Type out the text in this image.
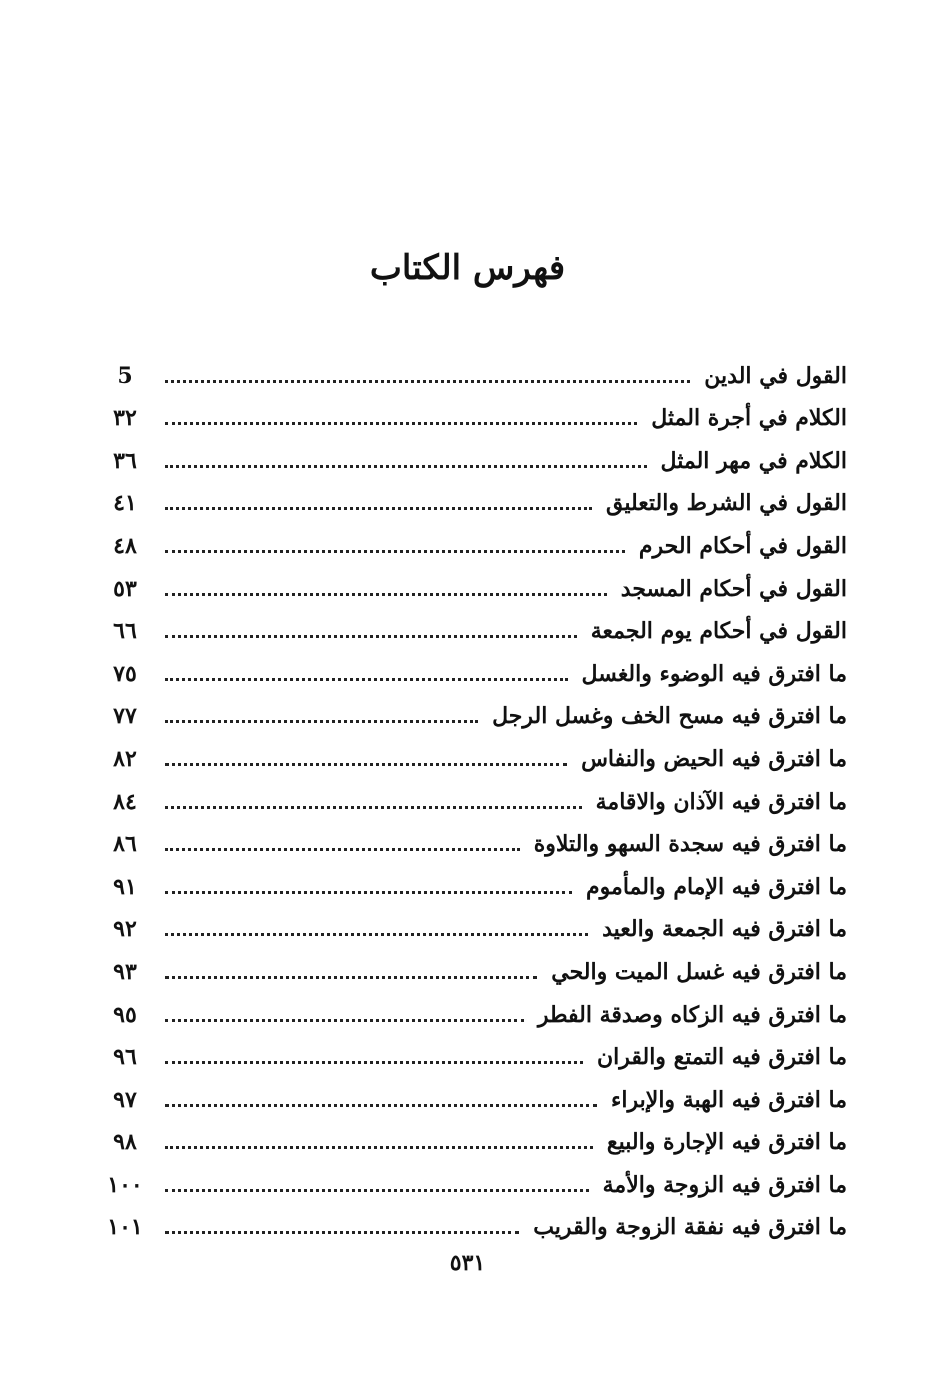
فهرس الكتاب
القول في الدين
5
الكلام في أجرة المثل
٣٢
الكلام في مهر المثل
٣٦
القول في الشرط والتعليق
٤١
القول في أحكام الحرم
٤٨
القول في أحكام المسجد
٥٣
القول في أحكام يوم الجمعة
٦٦
ما افترق فيه الوضوء والغسل
٧٥
ما افترق فيه مسح الخف وغسل الرجل
٧٧
ما افترق فيه الحيض والنفاس
٨٢
ما افترق فيه الآذان والاقامة
٨٤
ما افترق فيه سجدة السهو والتلاوة
٨٦
ما افترق فيه الإمام والمأموم
٩١
ما افترق فيه الجمعة والعيد
٩٢
ما افترق فيه غسل الميت والحي
٩٣
ما افترق فيه الزكاه وصدقة الفطر
٩٥
ما افترق فيه التمتع والقران
٩٦
ما افترق فيه الهبة والإبراء
٩٧
ما افترق فيه الإجارة والبيع
٩٨
ما افترق فيه الزوجة والأمة
١٠٠
ما افترق فيه نفقة الزوجة والقريب
١٠١
٥٣١
